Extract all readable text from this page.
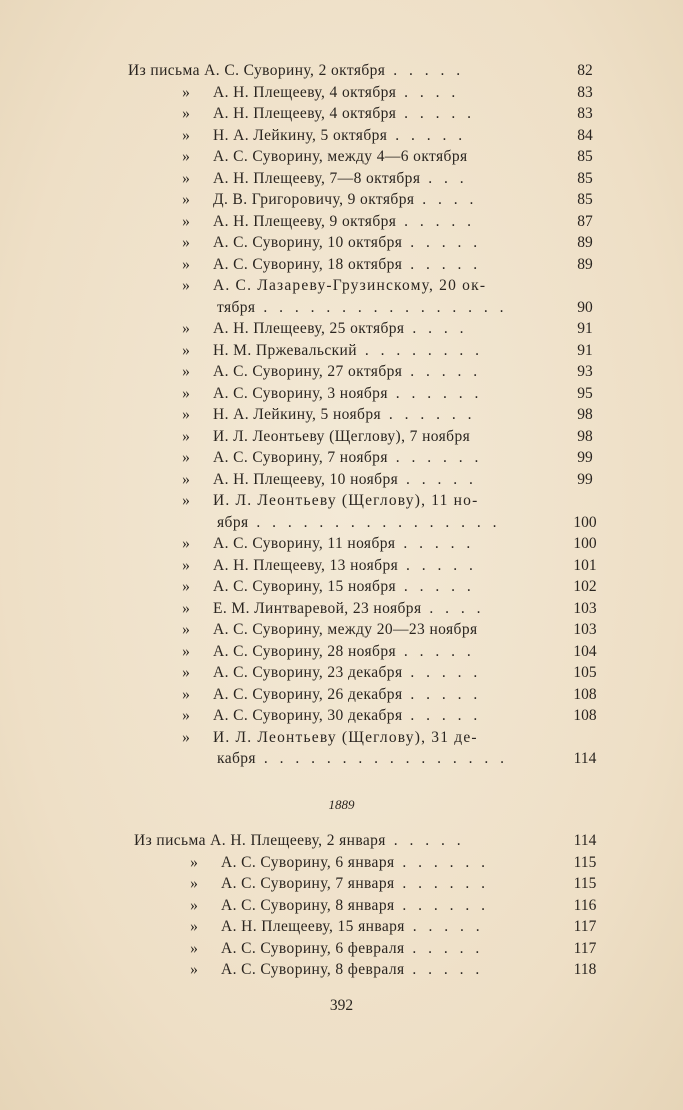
Из письма А. С. Суворину, 2 октября . . . . .	82
» А. Н. Плещееву, 4 октября . . . .	83
» А. Н. Плещееву, 4 октября . . . . .	83
» Н. А. Лейкину, 5 октября . . . . .	84
» А. С. Суворину, между 4—6 октября	85
» А. Н. Плещееву, 7—8 октября . . .	85
» Д. В. Григоровичу, 9 октября . . . .	85
» А. Н. Плещееву, 9 октября . . . . .	87
» А. С. Суворину, 10 октября . . . . .	89
» А. С. Суворину, 18 октября . . . . .	89
» А. С. Лазареву-Грузинскому, 20 ок-
тября . . . . . . . . . . . . . . . .	90
» А. Н. Плещееву, 25 октября . . . .	91
» Н. М. Пржевальский . . . . . . . .	91
» А. С. Суворину, 27 октября . . . . .	93
» А. С. Суворину, 3 ноября . . . . . .	95
» Н. А. Лейкину, 5 ноября . . . . . .	98
» И. Л. Леонтьеву (Щеглову), 7 ноября	98
» А. С. Суворину, 7 ноября . . . . . .	99
» А. Н. Плещееву, 10 ноября . . . . .	99
» И. Л. Леонтьеву (Щеглову), 11 но-
ября . . . . . . . . . . . . . . . .	100
» А. С. Суворину, 11 ноября . . . . .	100
» А. Н. Плещееву, 13 ноября . . . . .	101
» А. С. Суворину, 15 ноября . . . . .	102
» Е. М. Линтваревой, 23 ноября . . . .	103
» А. С. Суворину, между 20—23 ноября	103
» А. С. Суворину, 28 ноября . . . . .	104
» А. С. Суворину, 23 декабря . . . . .	105
» А. С. Суворину, 26 декабря . . . . .	108
» А. С. Суворину, 30 декабря . . . . .	108
» И. Л. Леонтьеву (Щеглову), 31 де-
кабря . . . . . . . . . . . . . . . .	114
1889
Из письма А. Н. Плещееву, 2 января . . . . .	114
» А. С. Суворину, 6 января . . . . . .	115
» А. С. Суворину, 7 января . . . . . .	115
» А. С. Суворину, 8 января . . . . . .	116
» А. Н. Плещееву, 15 января . . . . .	117
» А. С. Суворину, 6 февраля . . . . .	117
» А. С. Суворину, 8 февраля . . . . .	118
392
